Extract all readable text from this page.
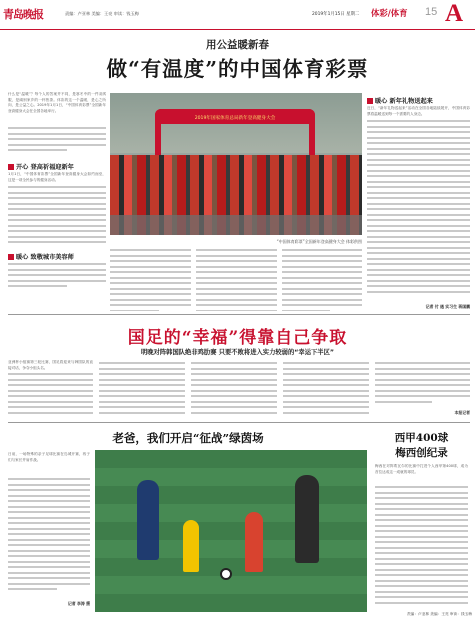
青岛晚报	责编：卢亚林 美编：王亮 审读：钱玉梅	2019年1月15日 星期二 体彩/体育 15 A
用公益暖新春
做“有温度”的中国体育彩票
什么是“温暖”？每个人的答案并不同，是寒冬中的一件羽绒服，是阔别家乡的一杯热茶。体彩的这一个温暖，是心之所向，是公益之心。2019年1月1日，“中国体育彩票”全国新年登高健身大会在全国各地举行。
开心 登高祈福迎新年
1月1日，“中国体育彩票”全国新年登高健身大会如约而至，这是一项全民参与的健身活动。
暖心 致敬城市美容师
2019年国家体育总局新年登高健身大会
“中国体育彩票”全国新年登高健身大会 体彩供图
暖心 新年礼物送起来
近日，“新年礼物送起来”活动在全国各地陆续展开，中国体育彩票将温暖送到每一个需要的人身边。
记者 付 遇 实习生 蒋国鹏
国足的“幸福”得靠自己争取
明晚对阵韩国队绝非鸡肋赛 只要不败将进入实力较弱的“幸运下半区”
亚洲杯小组赛第三轮比赛，国足将迎来与韩国队的直接对话，争夺小组头名。
本报记者
老爸，我们开启“征战”绿茵场
日前，一场特殊的亲子足球比赛在岛城开赛，孩子们与家长并肩作战。
记者 李涛 摄
西甲400球
梅西创纪录
梅西在对阵埃瓦尔的比赛中打进个人西甲第400球，成为首位达成这一成就的球员。
责编：卢亚林 美编：王亮 审读：钱玉梅
